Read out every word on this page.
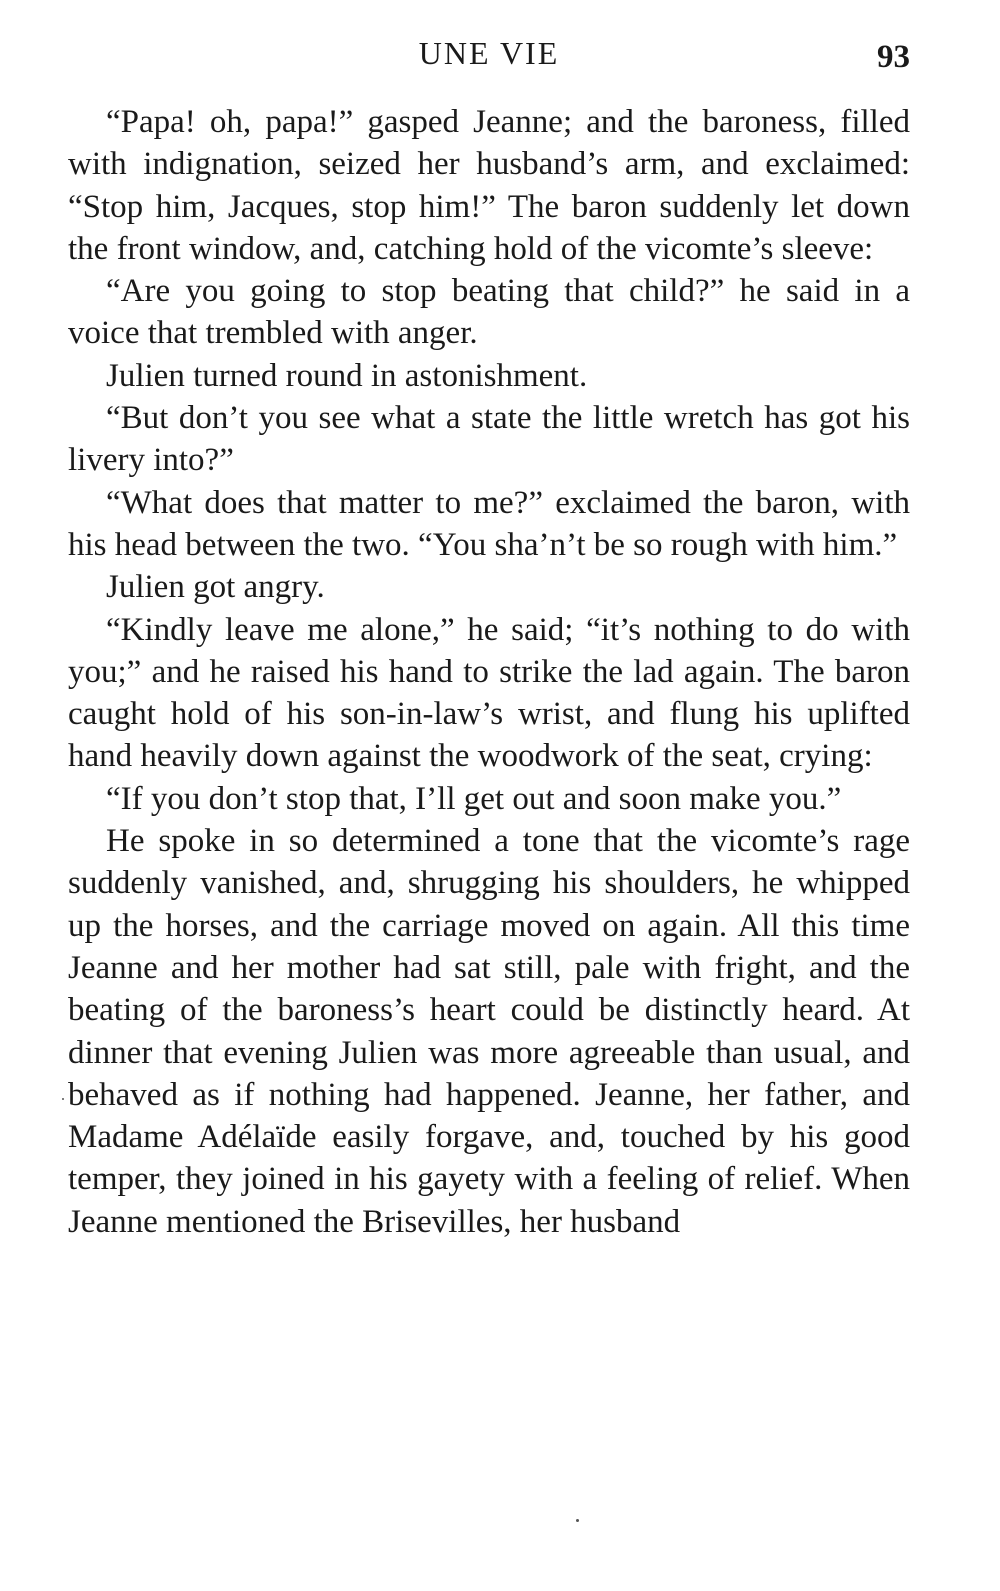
UNE VIE	93

“Papa! oh, papa!” gasped Jeanne; and the baroness, filled with indignation, seized her husband’s arm, and exclaimed: “Stop him, Jacques, stop him!” The baron suddenly let down the front window, and, catching hold of the vicomte’s sleeve:

“Are you going to stop beating that child?” he said in a voice that trembled with anger.

Julien turned round in astonishment.

“But don’t you see what a state the little wretch has got his livery into?”

“What does that matter to me?” exclaimed the baron, with his head between the two. “You sha’n’t be so rough with him.”

Julien got angry.

“Kindly leave me alone,” he said; “it’s nothing to do with you;” and he raised his hand to strike the lad again. The baron caught hold of his son-in-law’s wrist, and flung his uplifted hand heavily down against the woodwork of the seat, crying:

“If you don’t stop that, I’ll get out and soon make you.”

He spoke in so determined a tone that the vicomte’s rage suddenly vanished, and, shrugging his shoulders, he whipped up the horses, and the carriage moved on again. All this time Jeanne and her mother had sat still, pale with fright, and the beating of the baroness’s heart could be distinctly heard. At dinner that evening Julien was more agreeable than usual, and behaved as if nothing had happened. Jeanne, her father, and Madame Adélaïde easily forgave, and, touched by his good temper, they joined in his gayety with a feeling of relief. When Jeanne mentioned the Brisevilles, her husband
